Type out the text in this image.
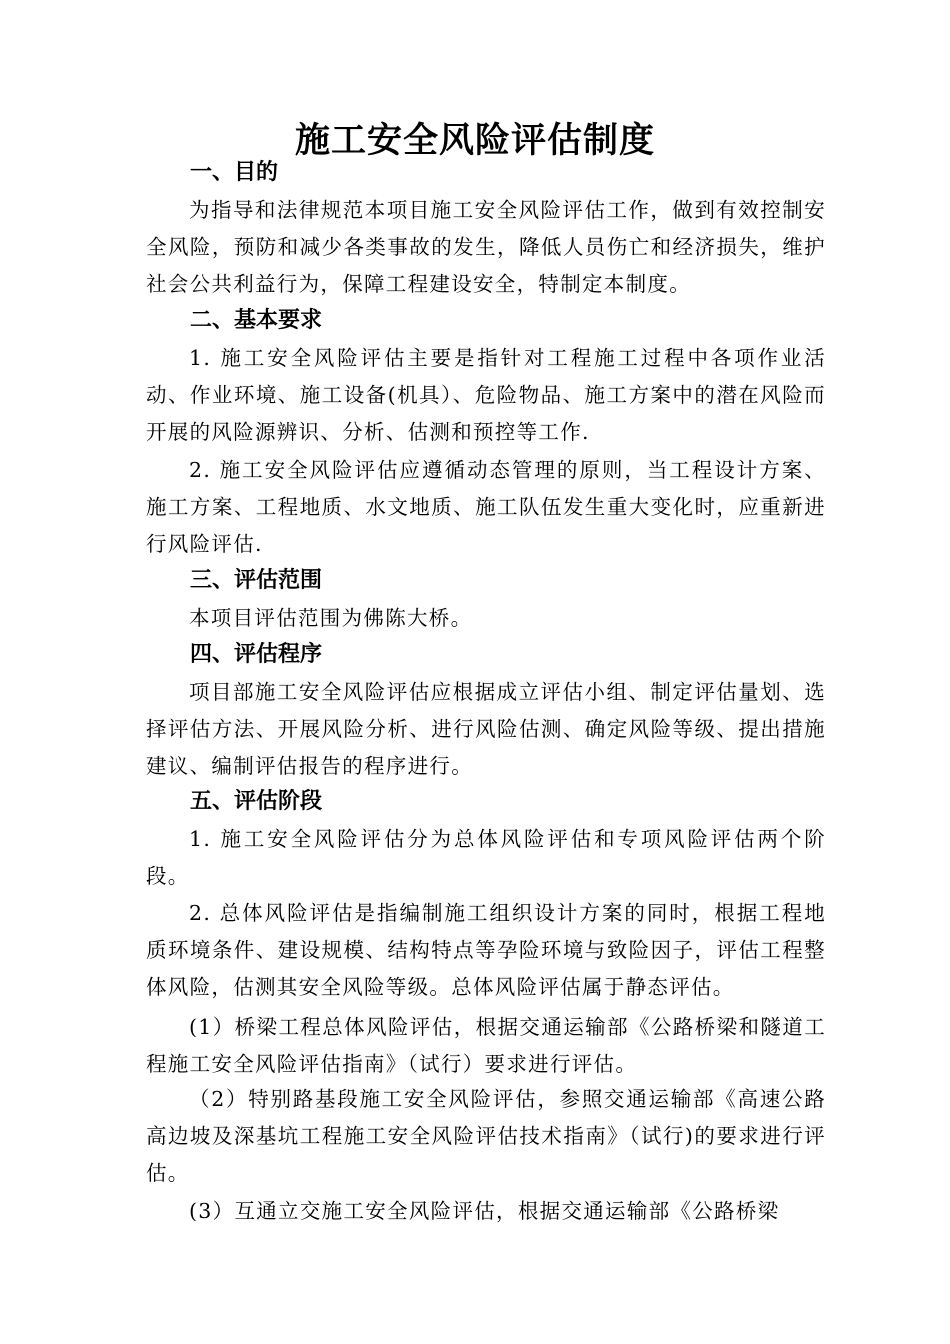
施工安全风险评估制度
一、目的

为指导和法律规范本项目施工安全风险评估工作，做到有效控制安全风险，预防和减少各类事故的发生，降低人员伤亡和经济损失，维护社会公共利益行为，保障工程建设安全，特制定本制度。

二、基本要求

1. 施工安全风险评估主要是指针对工程施工过程中各项作业活动、作业环境、施工设备(机具）、危险物品、施工方案中的潜在风险而开展的风险源辨识、分析、估测和预控等工作.

2. 施工安全风险评估应遵循动态管理的原则，当工程设计方案、施工方案、工程地质、水文地质、施工队伍发生重大变化时，应重新进行风险评估.

三、评估范围

本项目评估范围为佛陈大桥。

四、评估程序

项目部施工安全风险评估应根据成立评估小组、制定评估量划、选择评估方法、开展风险分析、进行风险估测、确定风险等级、提出措施建议、编制评估报告的程序进行。

五、评估阶段

1. 施工安全风险评估分为总体风险评估和专项风险评估两个阶段。

2. 总体风险评估是指编制施工组织设计方案的同时，根据工程地质环境条件、建设规模、结构特点等孕险环境与致险因子，评估工程整体风险，估测其安全风险等级。总体风险评估属于静态评估。

(1）桥梁工程总体风险评估，根据交通运输部《公路桥梁和隧道工程施工安全风险评估指南》（试行）要求进行评估。

（2）特别路基段施工安全风险评估，参照交通运输部《高速公路高边坡及深基坑工程施工安全风险评估技术指南》（试行)的要求进行评估。

(3）互通立交施工安全风险评估，根据交通运输部《公路桥梁
